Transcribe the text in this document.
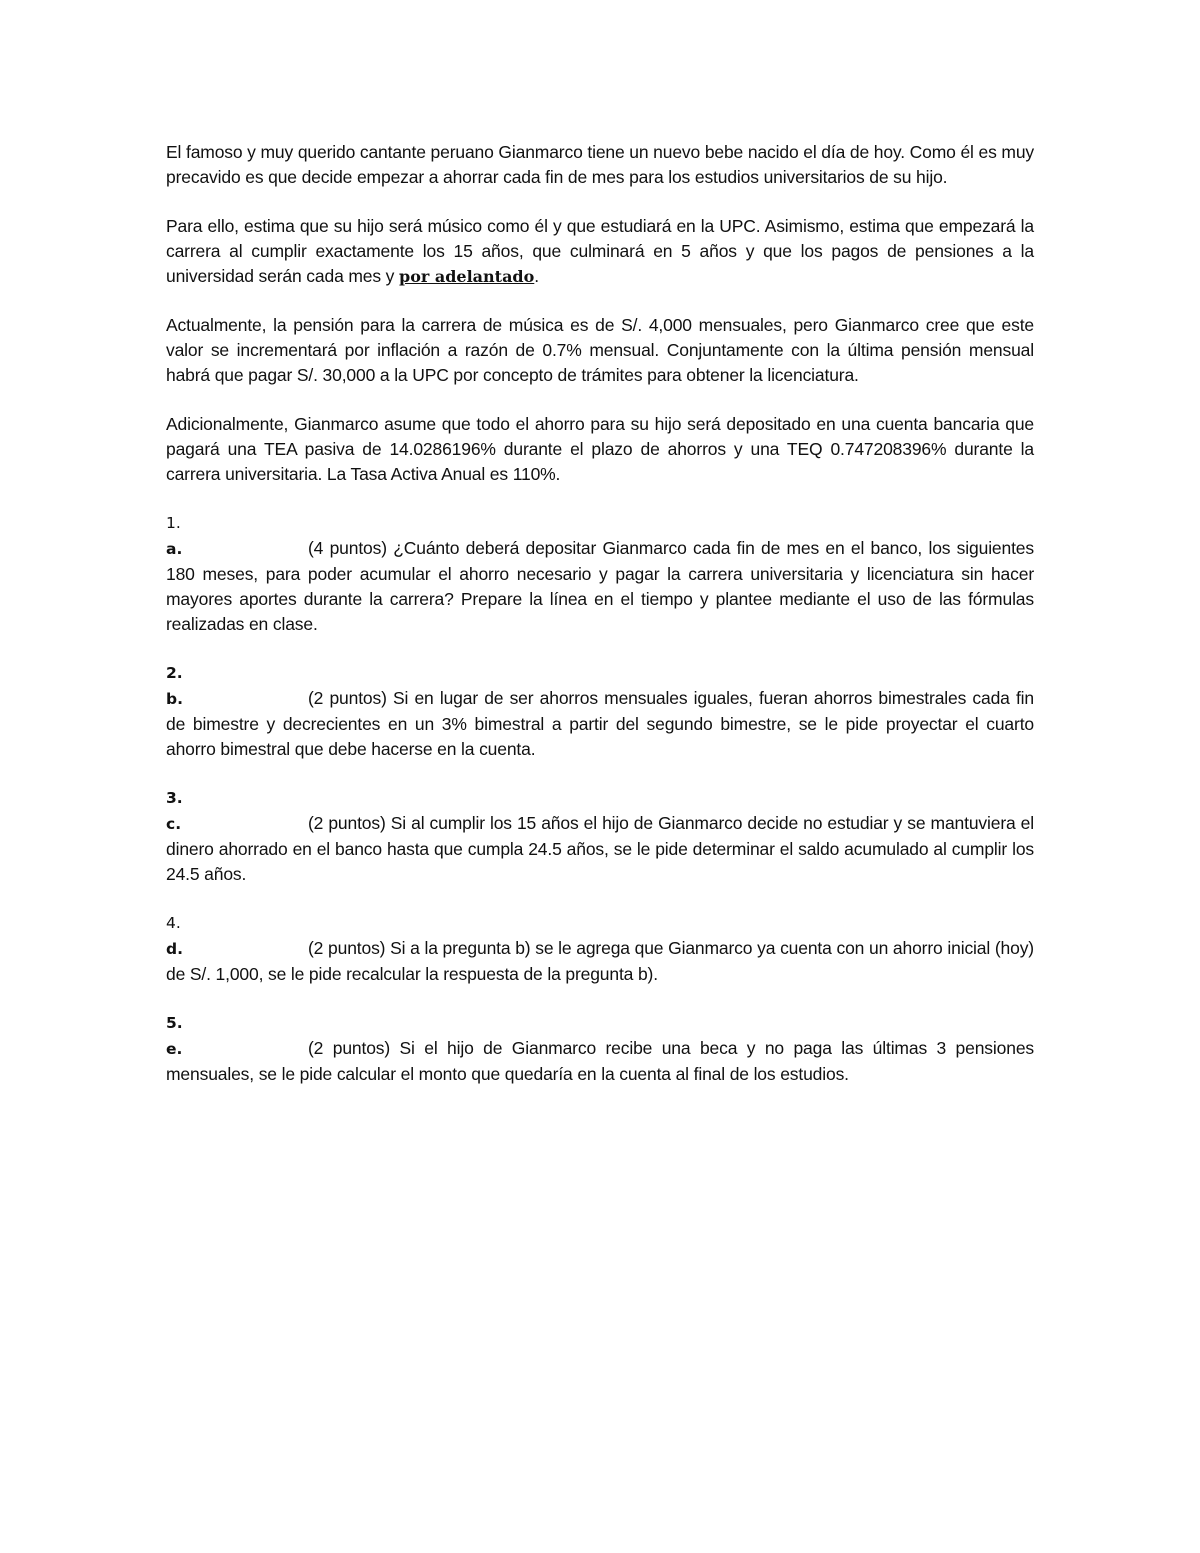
El famoso y muy querido cantante peruano Gianmarco tiene un nuevo bebe nacido el día de hoy. Como él es muy precavido es que decide empezar a ahorrar cada fin de mes para los estudios universitarios de su hijo.

Para ello, estima que su hijo será músico como él y que estudiará en la UPC. Asimismo, estima que empezará la carrera al cumplir exactamente los 15 años, que culminará en 5 años y que los pagos de pensiones a la universidad serán cada mes y por adelantado.

Actualmente, la pensión para la carrera de música es de S/. 4,000 mensuales, pero Gianmarco cree que este valor se incrementará por inflación a razón de 0.7% mensual. Conjuntamente con la última pensión mensual habrá que pagar S/. 30,000 a la UPC por concepto de trámites para obtener la licenciatura.

Adicionalmente, Gianmarco asume que todo el ahorro para su hijo será depositado en una cuenta bancaria que pagará una TEA pasiva de 14.0286196% durante el plazo de ahorros y una TEQ 0.747208396% durante la carrera universitaria. La Tasa Activa Anual es 110%.

1.
a.	(4 puntos) ¿Cuánto deberá depositar Gianmarco cada fin de mes en el banco, los siguientes 180 meses, para poder acumular el ahorro necesario y pagar la carrera universitaria y licenciatura sin hacer mayores aportes durante la carrera? Prepare la línea en el tiempo y plantee mediante el uso de las fórmulas realizadas en clase.
2.
b.	(2 puntos) Si en lugar de ser ahorros mensuales iguales, fueran ahorros bimestrales cada fin de bimestre y decrecientes en un 3% bimestral a partir del segundo bimestre, se le pide proyectar el cuarto ahorro bimestral que debe hacerse en la cuenta.
3.
c.	(2 puntos) Si al cumplir los 15 años el hijo de Gianmarco decide no estudiar y se mantuviera el dinero ahorrado en el banco hasta que cumpla 24.5 años, se le pide determinar el saldo acumulado al cumplir los 24.5 años.
4.
d.	(2 puntos) Si a la pregunta b) se le agrega que Gianmarco ya cuenta con un ahorro inicial (hoy) de S/. 1,000, se le pide recalcular la respuesta de la pregunta b).
5.
e.	(2 puntos) Si el hijo de Gianmarco recibe una beca y no paga las últimas 3 pensiones mensuales, se le pide calcular el monto que quedaría en la cuenta al final de los estudios.
